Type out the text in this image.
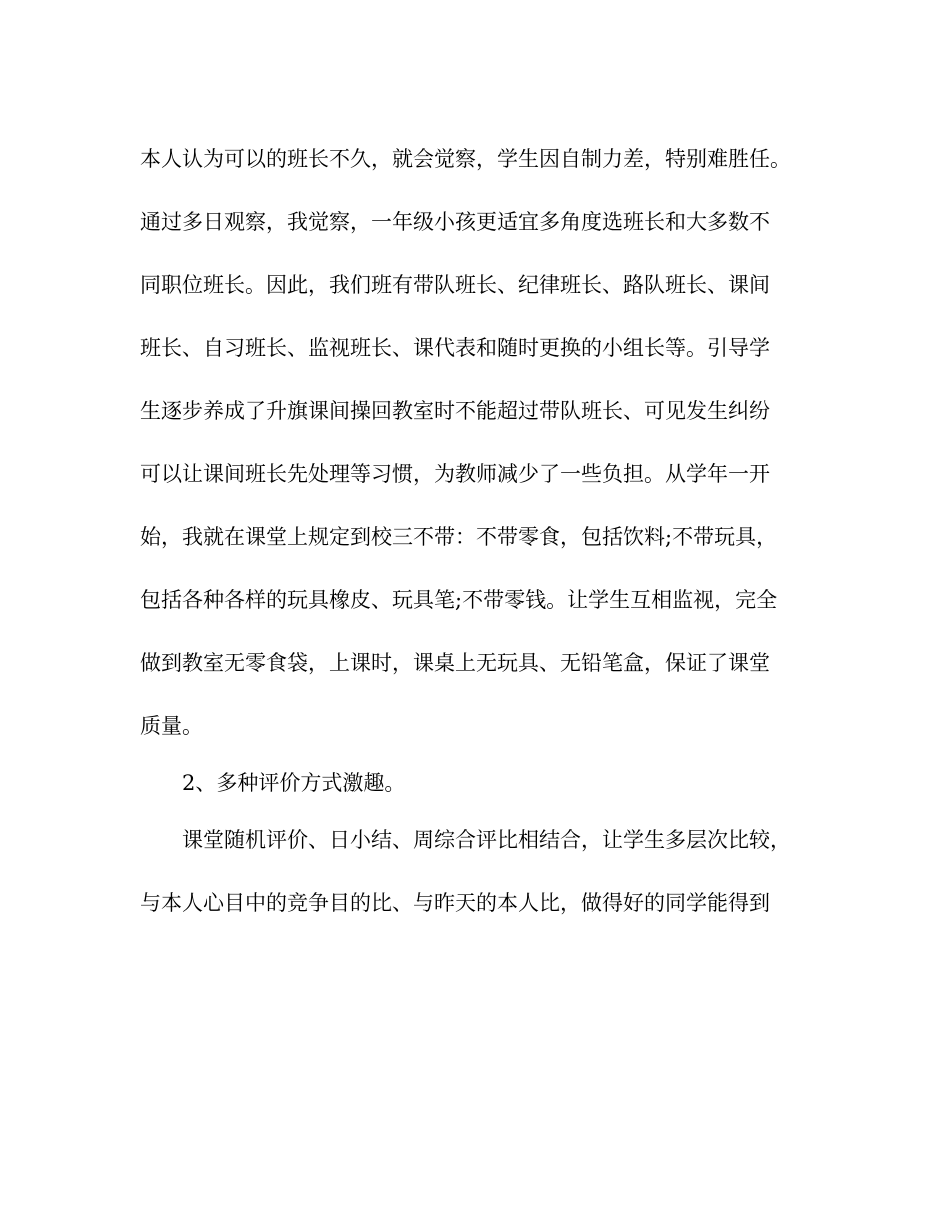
本人认为可以的班长不久，就会觉察，学生因自制力差，特别难胜任。
通过多日观察，我觉察，一年级小孩更适宜多角度选班长和大多数不
同职位班长。因此，我们班有带队班长、纪律班长、路队班长、课间
班长、自习班长、监视班长、课代表和随时更换的小组长等。引导学
生逐步养成了升旗课间操回教室时不能超过带队班长、可见发生纠纷
可以让课间班长先处理等习惯，为教师减少了一些负担。从学年一开
始，我就在课堂上规定到校三不带：不带零食，包括饮料;不带玩具，
包括各种各样的玩具橡皮、玩具笔;不带零钱。让学生互相监视，完全
做到教室无零食袋，上课时，课桌上无玩具、无铅笔盒，保证了课堂
质量。
2、多种评价方式激趣。
课堂随机评价、日小结、周综合评比相结合，让学生多层次比较，
与本人心目中的竞争目的比、与昨天的本人比，做得好的同学能得到
